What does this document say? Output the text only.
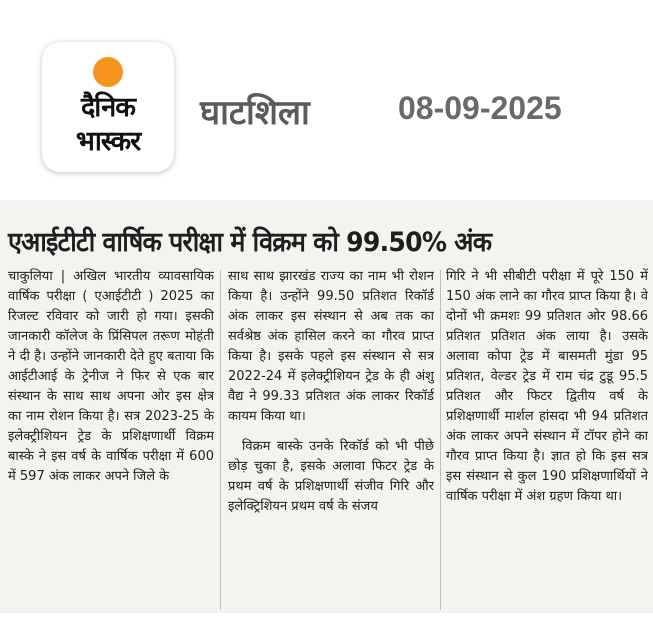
दैनिक
भास्कर
घाटशिला	08-09-2025
एआईटीटी वार्षिक परीक्षा में विक्रम को 99.50% अंक

चाकुलिया | अखिल भारतीय व्यावसायिक वार्षिक परीक्षा ( एआईटीटी ) 2025 का रिजल्ट रविवार को जारी हो गया। इसकी जानकारी कॉलेज के प्रिंसिपल तरूण मोहंती ने दी है। उन्होंने जानकारी देते हुए बताया कि आईटीआई के ट्रेनीज ने फिर से एक बार संस्थान के साथ साथ अपना ओर इस क्षेत्र का नाम रोशन किया है। सत्र 2023-25 के इलेक्ट्रीशियन ट्रेड के प्रशिक्षणार्थी विक्रम बास्के ने इस वर्ष के वार्षिक परीक्षा में 600 में 597 अंक लाकर अपने जिले के

साथ साथ झारखंड राज्य का नाम भी रोशन किया है। उन्होंने 99.50 प्रतिशत रिकॉर्ड अंक लाकर इस संस्थान से अब तक का सर्वश्रेष्ठ अंक हासिल करने का गौरव प्राप्त किया है। इसके पहले इस संस्थान से सत्र 2022-24 में इलेक्ट्रीशियन ट्रेड के ही अंशु वैद्य ने 99.33 प्रतिशत अंक लाकर रिकॉर्ड कायम किया था।

विक्रम बास्के उनके रिकॉर्ड को भी पीछे छोड़ चुका है, इसके अलावा फिटर ट्रेड के प्रथम वर्ष के प्रशिक्षणार्थी संजीव गिरि और इलेक्ट्रिशियन प्रथम वर्ष के संजय

गिरि ने भी सीबीटी परीक्षा में पूरे 150 में 150 अंक लाने का गौरव प्राप्त किया है। वे दोनों भी क्रमशः 99 प्रतिशत ओर 98.66 प्रतिशत प्रतिशत अंक लाया है। उसके अलावा कोपा ट्रेड में बासमती मुंडा 95 प्रतिशत, वेल्डर ट्रेड में राम चंद्र टुडू 95.5 प्रतिशत और फिटर द्वितीय वर्ष के प्रशिक्षणार्थी मार्शल हांसदा भी 94 प्रतिशत अंक लाकर अपने संस्थान में टॉपर होने का गौरव प्राप्त किया है। ज्ञात हो कि इस सत्र इस संस्थान से कुल 190 प्रशिक्षणार्थियों ने वार्षिक परीक्षा में अंश ग्रहण किया था।
